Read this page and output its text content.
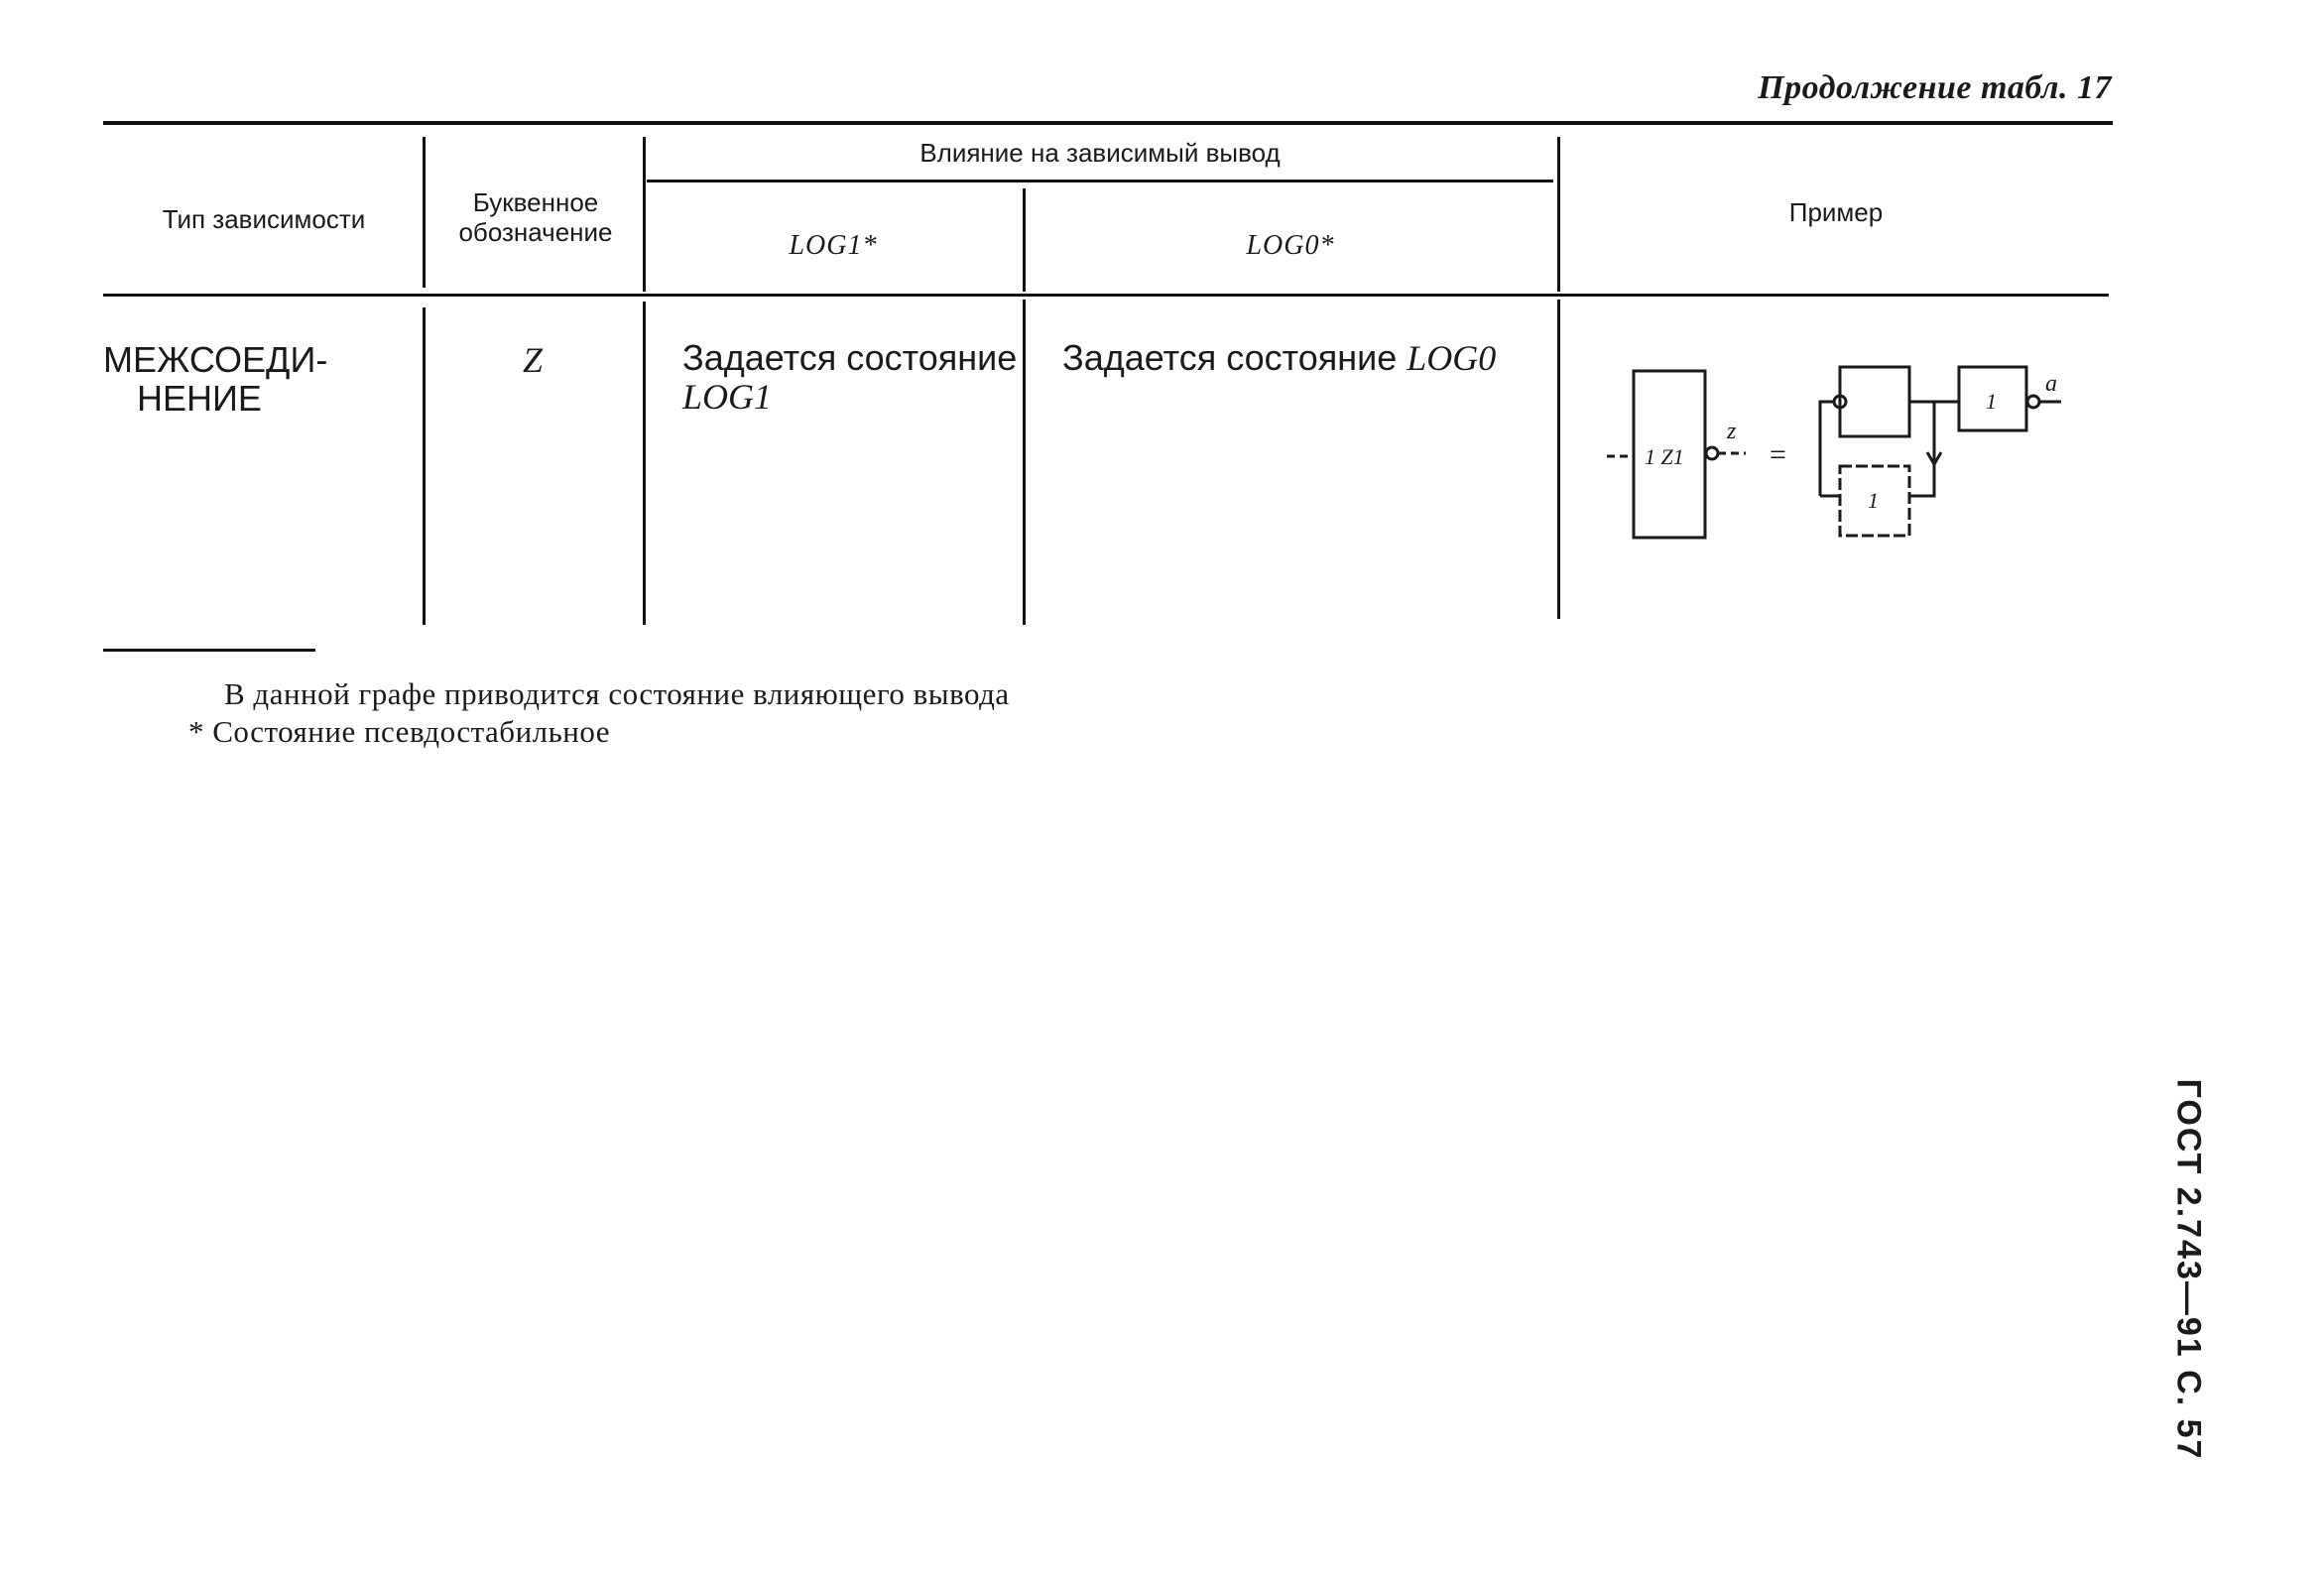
Продолжение табл. 17
Тип зависимости
Буквенное обозначение
Влияние на зависимый вывод
LOG1*	LOG0*
Пример
МЕЖСОЕДИ-НЕНИЕ
Z	Задается состояние
LOG1
Задается состояние LOG0
1 Z1
z
=
1
1
a
В данной графе приводится состояние влияющего вывода
* Состояние псевдостабильное
ГОСТ 2.743—91 С. 57
